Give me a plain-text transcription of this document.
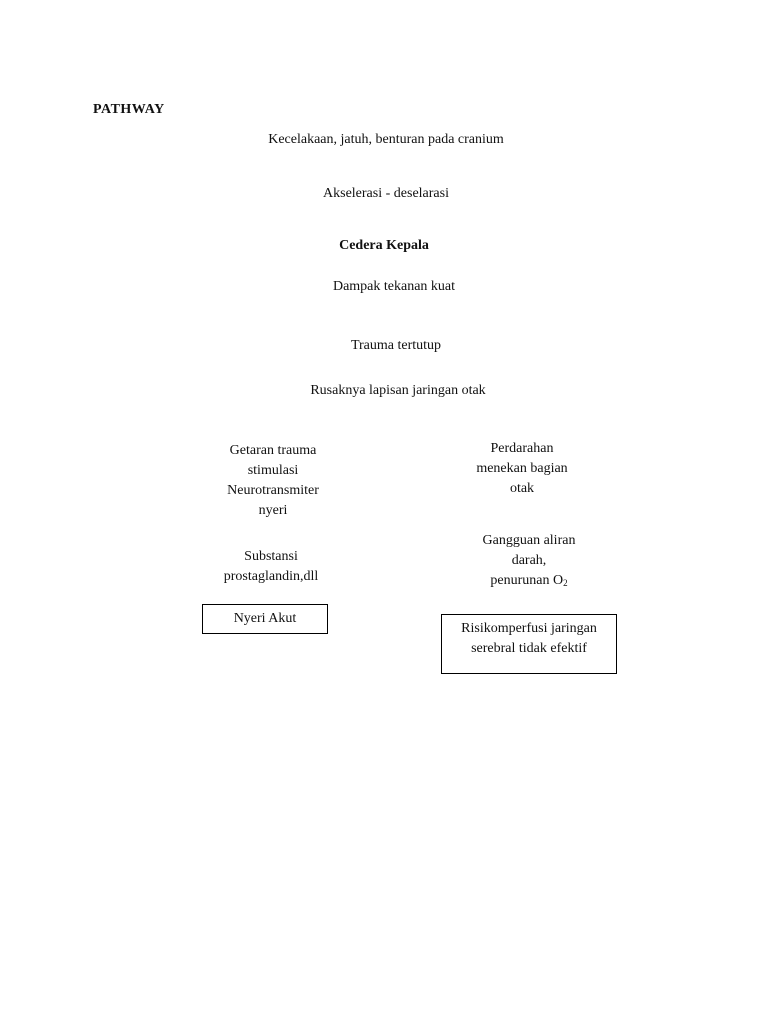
PATHWAY
Kecelakaan, jatuh, benturan pada cranium
Akselerasi - deselarasi
Cedera Kepala
Dampak tekanan kuat
Trauma tertutup
Rusaknya lapisan jaringan otak
Getaran trauma
stimulasi
Neurotransmiter
nyeri
Substansi
prostaglandin,dll
Nyeri Akut
Perdarahan
menekan bagian
otak
Gangguan aliran
darah,
penurunan $O_2$
Risikomperfusi jaringan
serebral tidak efektif
